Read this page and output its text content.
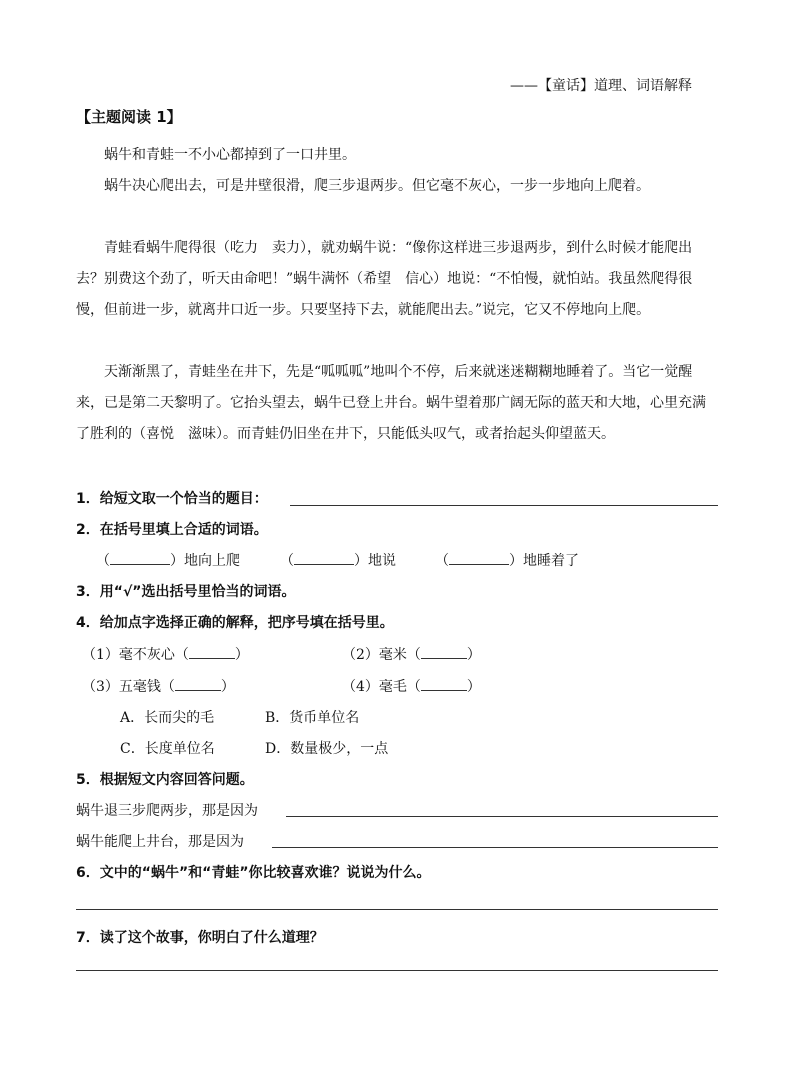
——【童话】道理、词语解释
【主题阅读 1】
蜗牛和青蛙一不小心都掉到了一口井里。
蜗牛决心爬出去，可是井壁很滑，爬三步退两步。但它毫不灰心，一步一步地向上爬着。
青蛙看蜗牛爬得很（吃力　卖力），就劝蜗牛说：“像你这样进三步退两步，到什么时候才能爬出去？别费这个劲了，听天由命吧！”蜗牛满怀（希望　信心）地说：“不怕慢，就怕站。我虽然爬得很慢，但前进一步，就离井口近一步。只要坚持下去，就能爬出去。”说完，它又不停地向上爬。
天渐渐黑了，青蛙坐在井下，先是“呱呱呱”地叫个不停，后来就迷迷糊糊地睡着了。当它一觉醒来，已是第二天黎明了。它抬头望去，蜗牛已登上井台。蜗牛望着那广阔无际的蓝天和大地，心里充满了胜利的（喜悦　滋味）。而青蛙仍旧坐在井下，只能低头叹气，或者抬起头仰望蓝天。
1．给短文取一个恰当的题目：
2．在括号里填上合适的词语。
（	）地向上爬	（	）地说	（	）地睡着了
3．用“√”选出括号里恰当的词语。
4．给加点字选择正确的解释，把序号填在括号里。
（1）毫不灰心（	）	（2）毫米（	）
（3）五毫钱（	）	（4）毫毛（	）
A．长而尖的毛	B．货币单位名
C．长度单位名	D．数量极少，一点
5．根据短文内容回答问题。
蜗牛退三步爬两步，那是因为
蜗牛能爬上井台，那是因为
6．文中的“蜗牛”和“青蛙”你比较喜欢谁？说说为什么。
7．读了这个故事，你明白了什么道理？
